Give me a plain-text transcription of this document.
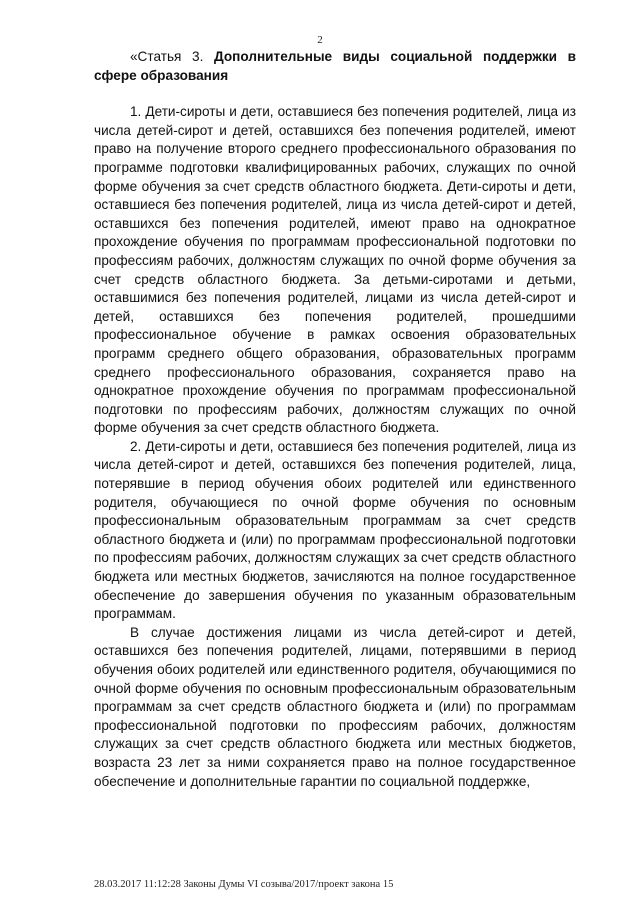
2

«Статья 3. Дополнительные виды социальной поддержки в сфере образования

1. Дети-сироты и дети, оставшиеся без попечения родителей, лица из числа детей-сирот и детей, оставшихся без попечения родителей, имеют право на получение второго среднего профессионального образования по программе подготовки квалифицированных рабочих, служащих по очной форме обучения за счет средств областного бюджета. Дети-сироты и дети, оставшиеся без попечения родителей, лица из числа детей-сирот и детей, оставшихся без попечения родителей, имеют право на однократное прохождение обучения по программам профессиональной подготовки по профессиям рабочих, должностям служащих по очной форме обучения за счет средств областного бюджета. За детьми-сиротами и детьми, оставшимися без попечения родителей, лицами из числа детей-сирот и детей, оставшихся без попечения родителей, прошедшими профессиональное обучение в рамках освоения образовательных программ среднего общего образования, образовательных программ среднего профессионального образования, сохраняется право на однократное прохождение обучения по программам профессиональной подготовки по профессиям рабочих, должностям служащих по очной форме обучения за счет средств областного бюджета.

2. Дети-сироты и дети, оставшиеся без попечения родителей, лица из числа детей-сирот и детей, оставшихся без попечения родителей, лица, потерявшие в период обучения обоих родителей или единственного родителя, обучающиеся по очной форме обучения по основным профессиональным образовательным программам за счет средств областного бюджета и (или) по программам профессиональной подготовки по профессиям рабочих, должностям служащих за счет средств областного бюджета или местных бюджетов, зачисляются на полное государственное обеспечение до завершения обучения по указанным образовательным программам.

В случае достижения лицами из числа детей-сирот и детей, оставшихся без попечения родителей, лицами, потерявшими в период обучения обоих родителей или единственного родителя, обучающимися по очной форме обучения по основным профессиональным образовательным программам за счет средств областного бюджета и (или) по программам профессиональной подготовки по профессиям рабочих, должностям служащих за счет средств областного бюджета или местных бюджетов, возраста 23 лет за ними сохраняется право на полное государственное обеспечение и дополнительные гарантии по социальной поддержке,

28.03.2017 11:12:28 Законы Думы VI созыва/2017/проект закона 15
